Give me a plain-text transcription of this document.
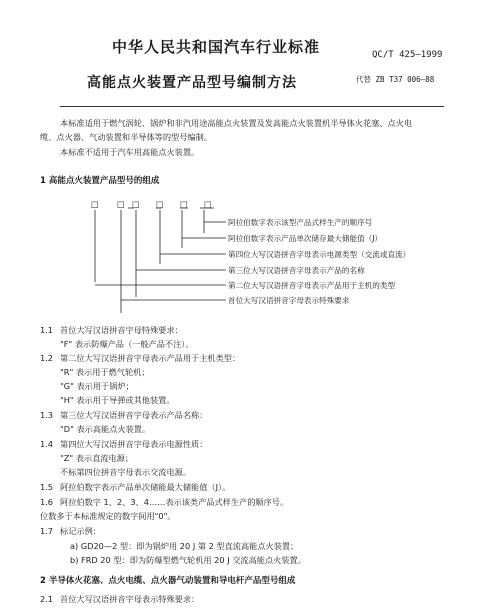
中华人民共和国汽车行业标准	QC/T 425—1999
高能点火装置产品型号编制方法	代替 ZB T37 006—88
本标准适用于燃气涡轮、锅炉和非汽用途高能点火装置及发高能点火装置机半导体火花塞、点火电
缆、点火器、气动装置和半导体等的型号编制。
本标准不适用于汽车用高能点火装置。
1 高能点火装置产品型号的组成
□ □ □ □ □ □
阿拉伯数字表示该型产品式样生产的顺序号
阿拉伯数字表示产品单次储存最大储能值（J）
第四位大写汉语拼音字母表示电源类型（交流或直流）
第三位大写汉语拼音字母表示产品的名称
第二位大写汉语拼音字母表示产品用于主机的类型
首位大写汉语拼音字母表示特殊要求
1.1 首位大写汉语拼音字母特殊要求：
"F" 表示防爆产品（一般产品不注）。
1.2 第二位大写汉语拼音字母表示产品用于主机类型：
"R" 表示用于燃气轮机；
"G" 表示用于锅炉；
"H" 表示用于导弹或其他装置。
1.3 第三位大写汉语拼音字母表示产品名称：
"D" 表示高能点火装置。
1.4 第四位大写汉语拼音字母表示电源性质：
"Z" 表示直流电源；
不标第四位拼音字母表示交流电源。
1.5 阿拉伯数字表示产品单次储能最大储能值（J）。
1.6 阿拉伯数字 1、2、3、4……表示该类产品式样生产的顺序号。
位数多于本标准规定的数字间用"0"。
1.7 标记示例：
a) GD20—2 型：即为锅炉用 20 J 第 2 型直流高能点火装置；
b) FRD 20 型：即为防爆型燃气轮机用 20 J 交流高能点火装置。
2 半导体火花塞、点火电缆、点火器气动装置和导电杆产品型号组成
2.1 首位大写汉语拼音字母表示特殊要求：
